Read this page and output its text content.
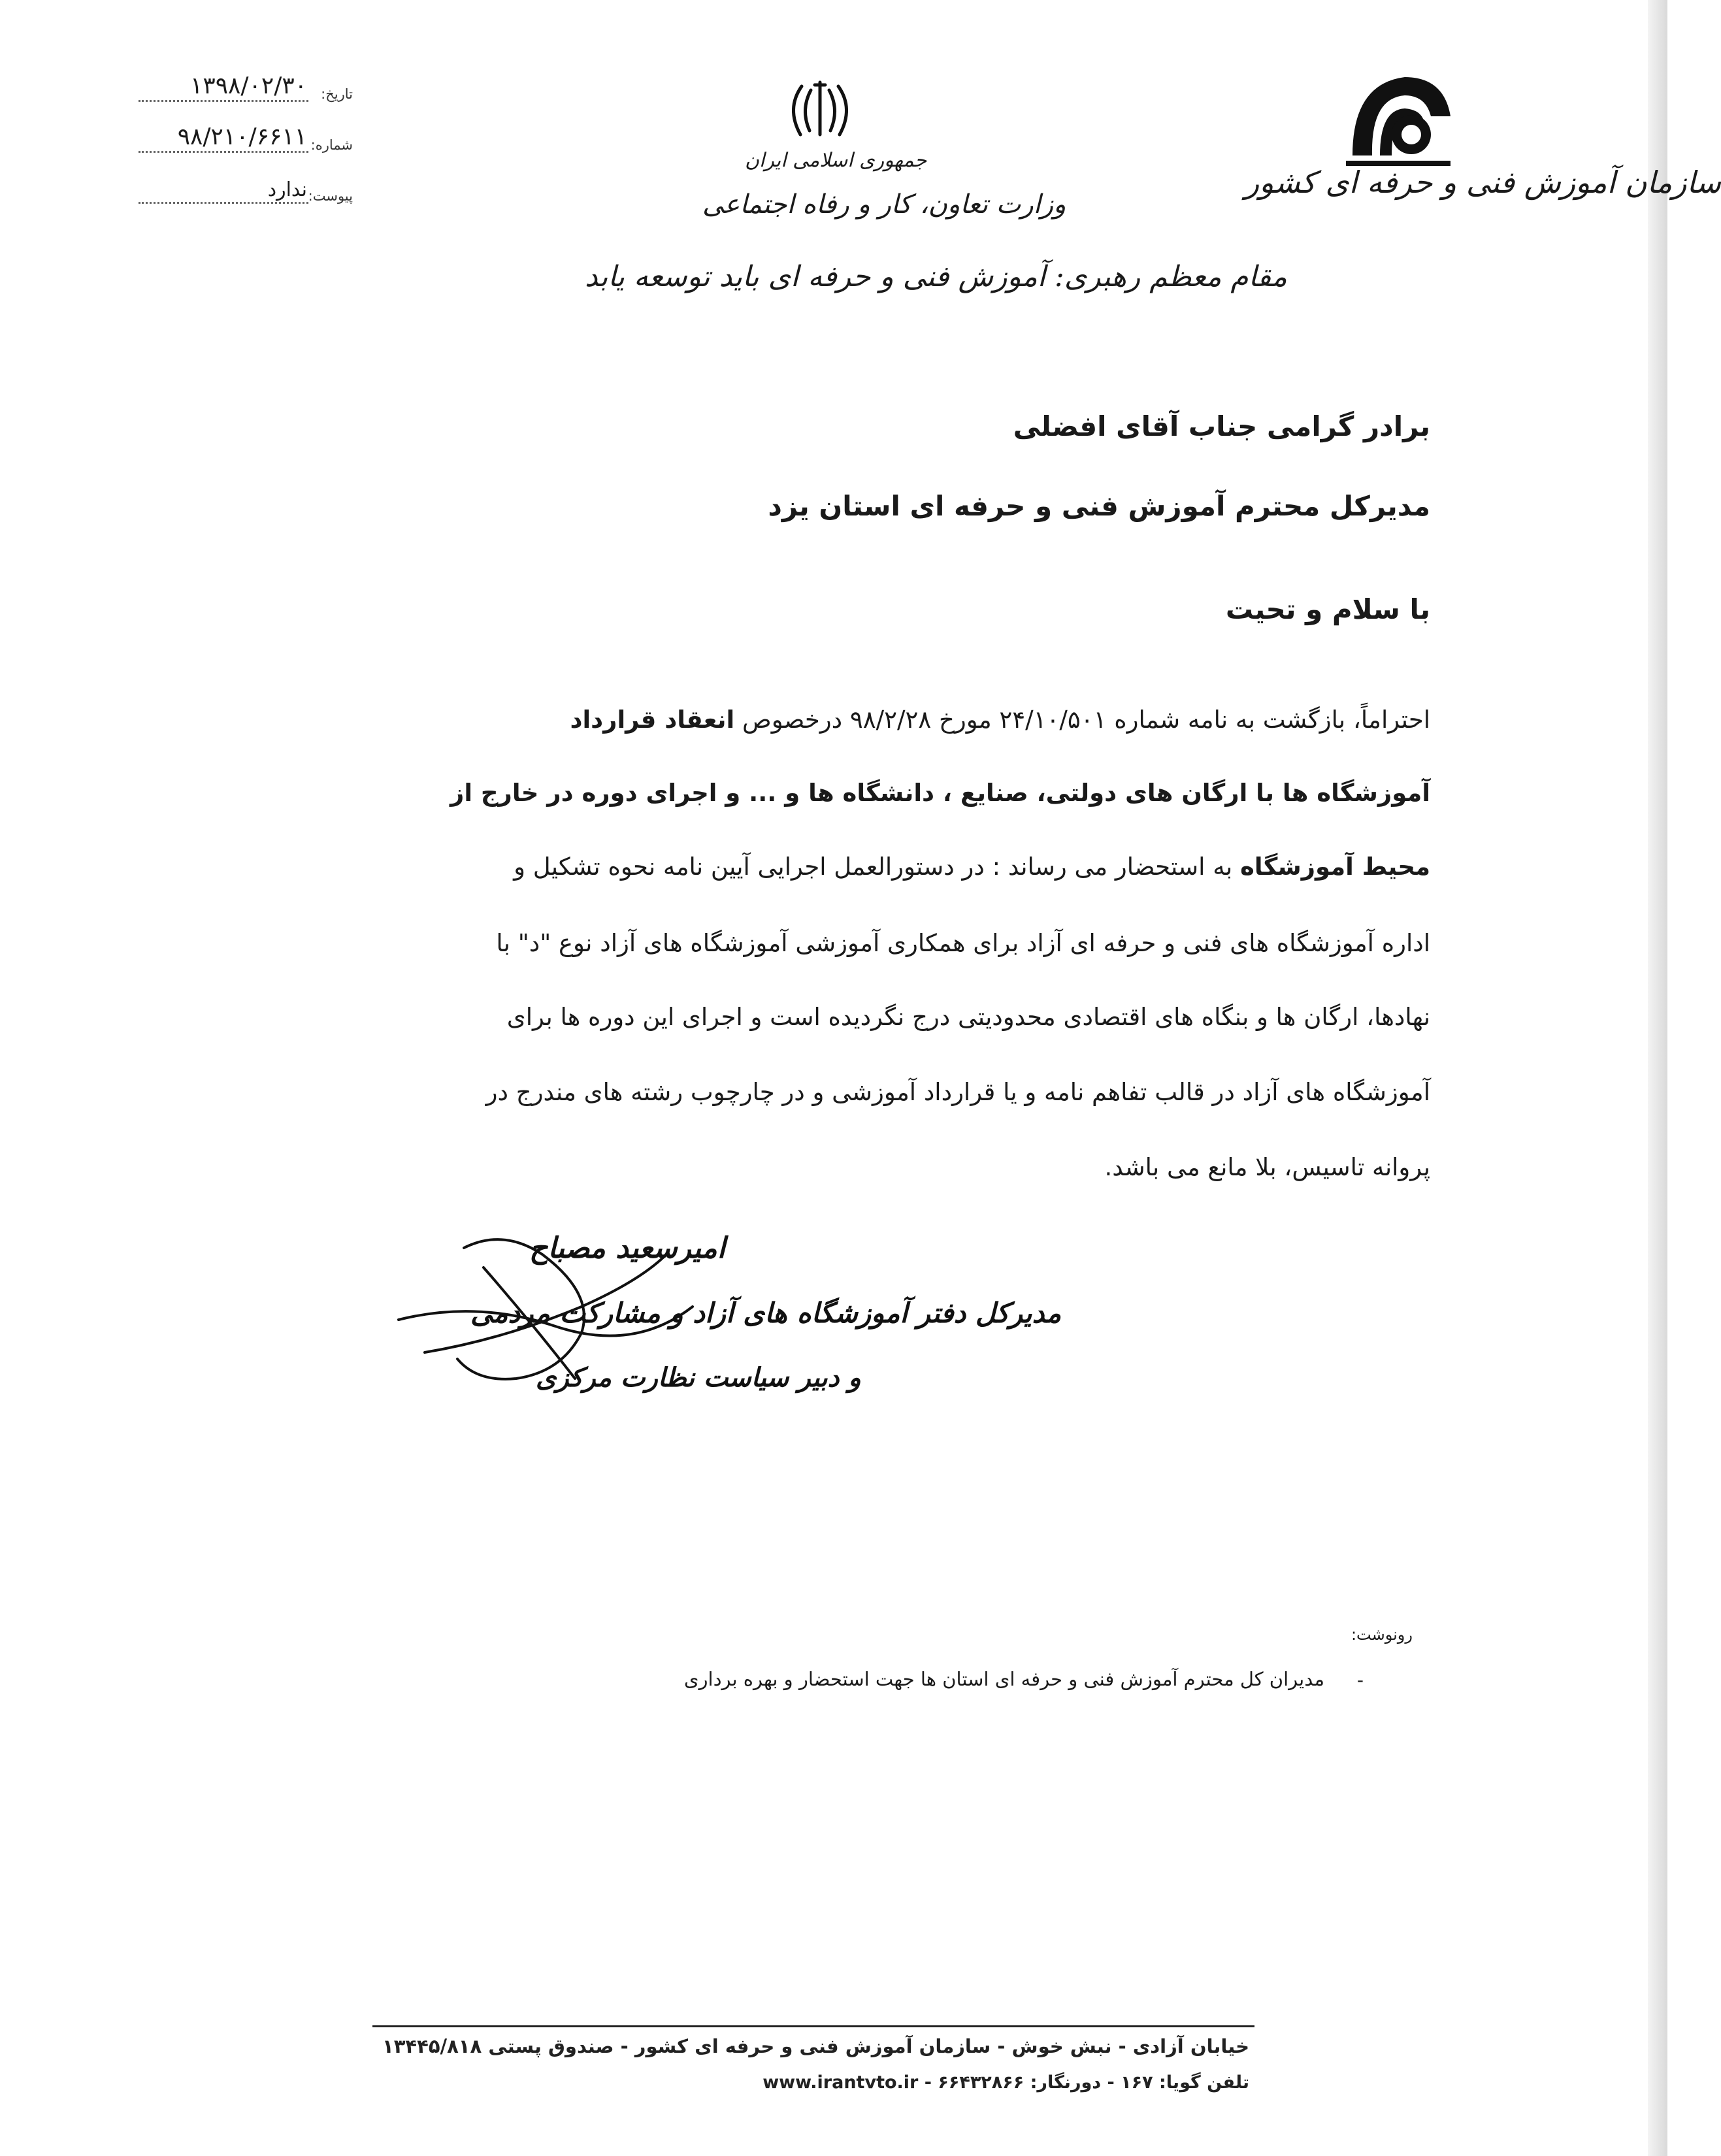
تاریخ:
۱۳۹۸/۰۲/۳۰
شماره:
۹۸/۲۱۰/۶۶۱۱
پیوست:
ندارد
جمهوری اسلامی ایران
وزارت تعاون، کار و رفاه اجتماعی
مقام معظم رهبری: آموزش فنی و حرفه ای باید توسعه یابد
سازمان آموزش فنی و حرفه ای کشور
برادر گرامی جناب آقای افضلی
مدیرکل محترم آموزش فنی و حرفه ای استان یزد
با سلام و تحیت
احتراماً، بازگشت به نامه شماره ۲۴/۱۰/۵۰۱ مورخ ۹۸/۲/۲۸ درخصوص انعقاد قرارداد
آموزشگاه ها با ارگان های دولتی، صنایع ، دانشگاه ها و ... و اجرای دوره در خارج از
محیط آموزشگاه به استحضار می رساند : در دستورالعمل اجرایی آیین نامه نحوه تشکیل و
اداره آموزشگاه های فنی و حرفه ای آزاد برای همکاری آموزشی آموزشگاه های آزاد نوع "د" با
نهادها، ارگان ها و بنگاه های اقتصادی محدودیتی درج نگردیده است و اجرای این دوره ها برای
آموزشگاه های آزاد در قالب تفاهم نامه و یا قرارداد آموزشی و در چارچوب رشته های مندرج در
پروانه تاسیس، بلا مانع می باشد.
امیرسعید مصباح
مدیرکل دفتر آموزشگاه های آزاد و مشارکت مردمی
و دبیر سیاست نظارت مرکزی
رونوشت:
-
مدیران کل محترم آموزش فنی و حرفه ای استان ها جهت استحضار و بهره برداری
خیابان آزادی - نبش خوش - سازمان آموزش فنی و حرفه ای کشور - صندوق پستی ۱۳۴۴۵/۸۱۸
تلفن گویا: ۱۶۷ - دورنگار: ۶۶۴۳۲۸۶۶ - www.irantvto.ir
